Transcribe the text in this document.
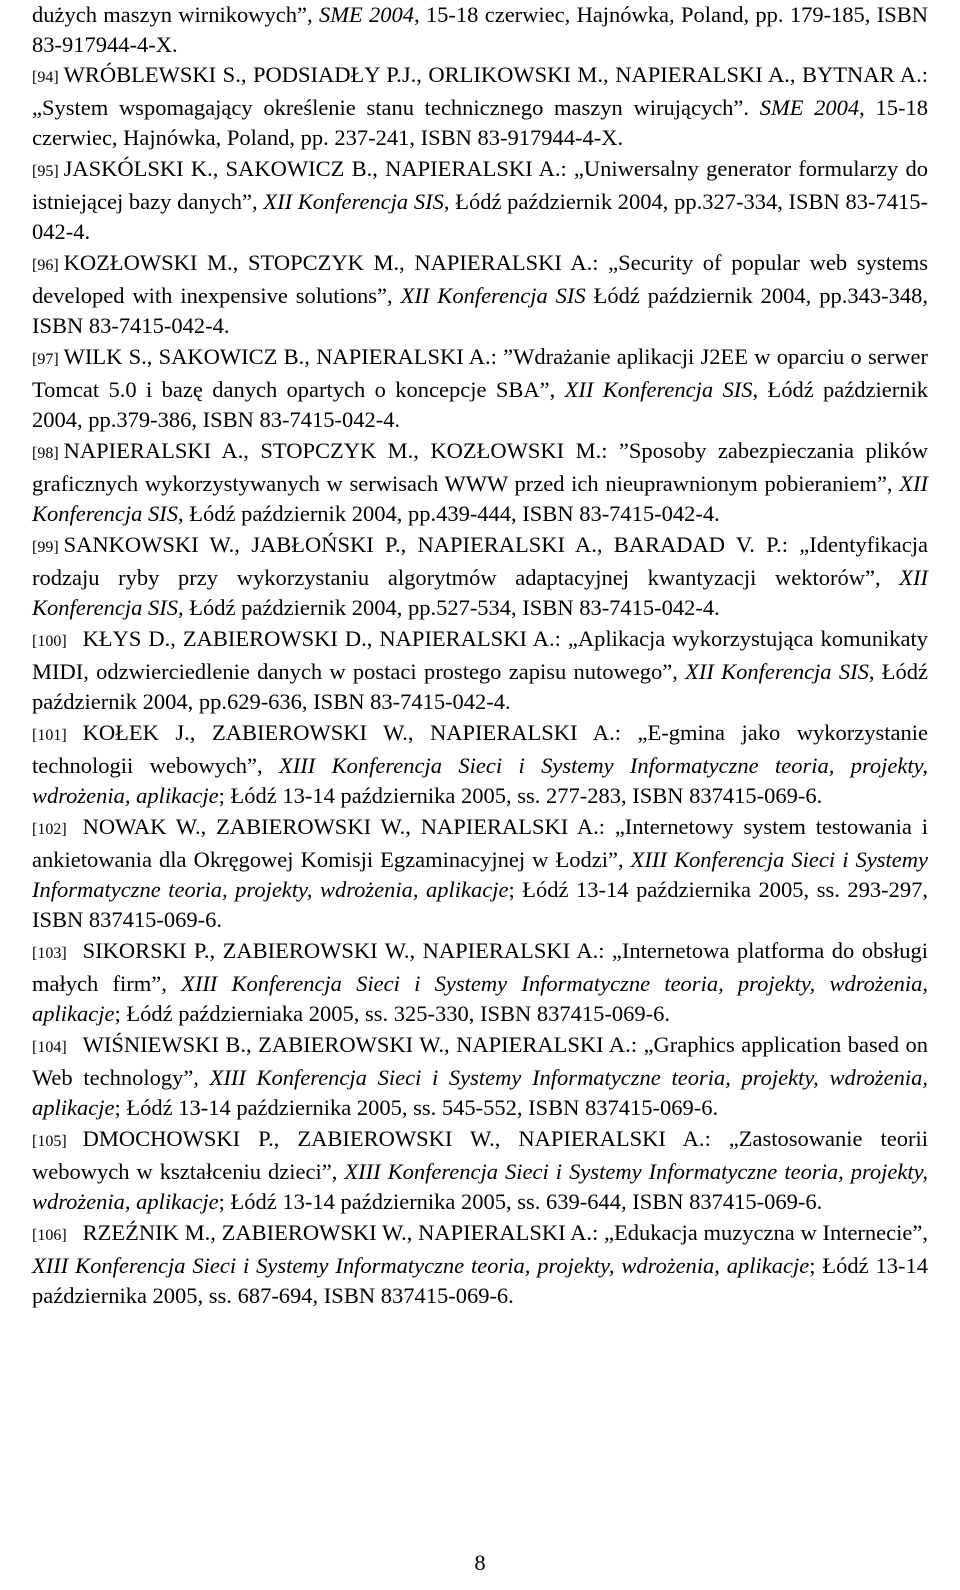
dużych maszyn wirnikowych”, SME 2004, 15-18 czerwiec, Hajnówka, Poland, pp. 179-185, ISBN 83-917944-4-X.

[94] WRÓBLEWSKI S., PODSIADŁY P.J., ORLIKOWSKI M., NAPIERALSKI A., BYTNAR A.: „System wspomagający określenie stanu technicznego maszyn wirujących”. SME 2004, 15-18 czerwiec, Hajnówka, Poland, pp. 237-241, ISBN 83-917944-4-X.

[95] JASKÓLSKI K., SAKOWICZ B., NAPIERALSKI A.: „Uniwersalny generator formularzy do istniejącej bazy danych”, XII Konferencja SIS, Łódź październik 2004, pp.327-334, ISBN 83-7415-042-4.

[96] KOZŁOWSKI M., STOPCZYK M., NAPIERALSKI A.: „Security of popular web systems developed with inexpensive solutions”, XII Konferencja SIS Łódź październik 2004, pp.343-348, ISBN 83-7415-042-4.

[97] WILK S., SAKOWICZ B., NAPIERALSKI A.: ”Wdrażanie aplikacji J2EE w oparciu o serwer Tomcat 5.0 i bazę danych opartych o koncepcje SBA”, XII Konferencja SIS, Łódź październik 2004, pp.379-386, ISBN 83-7415-042-4.

[98] NAPIERALSKI A., STOPCZYK M., KOZŁOWSKI M.: ”Sposoby zabezpieczania plików graficznych wykorzystywanych w serwisach WWW przed ich nieuprawnionym pobieraniem”, XII Konferencja SIS, Łódź październik 2004, pp.439-444, ISBN 83-7415-042-4.

[99] SANKOWSKI W., JABŁOŃSKI P., NAPIERALSKI A., BARADAD V. P.: „Identyfikacja rodzaju ryby przy wykorzystaniu algorytmów adaptacyjnej kwantyzacji wektorów”, XII Konferencja SIS, Łódź październik 2004, pp.527-534, ISBN 83-7415-042-4.

[100] KŁYS D., ZABIEROWSKI D., NAPIERALSKI A.: „Aplikacja wykorzystująca komunikaty MIDI, odzwierciedlenie danych w postaci prostego zapisu nutowego”, XII Konferencja SIS, Łódź październik 2004, pp.629-636, ISBN 83-7415-042-4.

[101] KOŁEK J., ZABIEROWSKI W., NAPIERALSKI A.: „E-gmina jako wykorzystanie technologii webowych”, XIII Konferencja Sieci i Systemy Informatyczne teoria, projekty, wdrożenia, aplikacje; Łódź 13-14 października 2005, ss. 277-283, ISBN 837415-069-6.

[102] NOWAK W., ZABIEROWSKI W., NAPIERALSKI A.: „Internetowy system testowania i ankietowania dla Okręgowej Komisji Egzaminacyjnej w Łodzi”, XIII Konferencja Sieci i Systemy Informatyczne teoria, projekty, wdrożenia, aplikacje; Łódź 13-14 października 2005, ss. 293-297, ISBN 837415-069-6.

[103] SIKORSKI P., ZABIEROWSKI W., NAPIERALSKI A.: „Internetowa platforma do obsługi małych firm”, XIII Konferencja Sieci i Systemy Informatyczne teoria, projekty, wdrożenia, aplikacje; Łódź październiaka 2005, ss. 325-330, ISBN 837415-069-6.

[104] WIŚNIEWSKI B., ZABIEROWSKI W., NAPIERALSKI A.: „Graphics application based on Web technology”, XIII Konferencja Sieci i Systemy Informatyczne teoria, projekty, wdrożenia, aplikacje; Łódź 13-14 października 2005, ss. 545-552, ISBN 837415-069-6.

[105] DMOCHOWSKI P., ZABIEROWSKI W., NAPIERALSKI A.: „Zastosowanie teorii webowych w kształceniu dzieci”, XIII Konferencja Sieci i Systemy Informatyczne teoria, projekty, wdrożenia, aplikacje; Łódź 13-14 października 2005, ss. 639-644, ISBN 837415-069-6.

[106] RZEŹNIK M., ZABIEROWSKI W., NAPIERALSKI A.: „Edukacja muzyczna w Internecie”, XIII Konferencja Sieci i Systemy Informatyczne teoria, projekty, wdrożenia, aplikacje; Łódź 13-14 października 2005, ss. 687-694, ISBN 837415-069-6.

8
